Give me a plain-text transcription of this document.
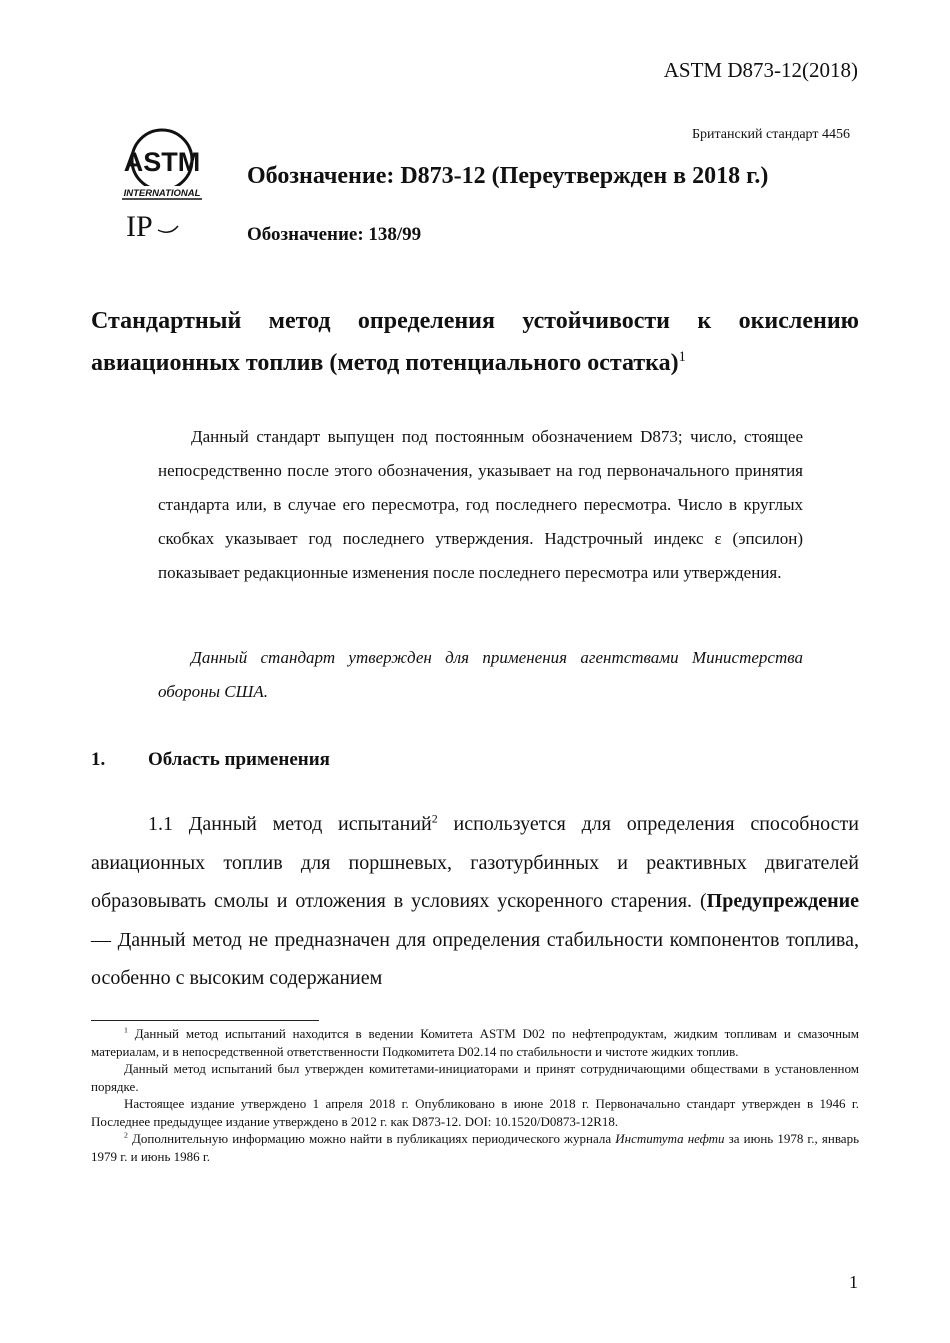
ASTM D873-12(2018)
Британский стандарт 4456
ASTM
INTERNATIONAL
IP
Обозначение: D873-12 (Переутвержден в 2018 г.)
Обозначение: 138/99
Стандартный метод определения устойчивости к окислению
авиационных топлив (метод потенциального остатка)$^1$

Данный стандарт выпущен под постоянным обозначением D873; число, стоящее непосредственно после этого обозначения, указывает на год первоначального принятия стандарта или, в случае его пересмотра, год последнего пересмотра. Число в круглых скобках указывает год последнего утверждения. Надстрочный индекс ε (эпсилон) показывает редакционные изменения после последнего пересмотра или утверждения.

Данный стандарт утвержден для применения агентствами Министерства обороны США.

1. Область применения

1.1 Данный метод испытаний$^2$ используется для определения способности авиационных топлив для поршневых, газотурбинных и реактивных двигателей образовывать смолы и отложения в условиях ускоренного старения. (Предупреждение — Данный метод не предназначен для определения стабильности компонентов топлива, особенно с высоким содержанием

$^1$ Данный метод испытаний находится в ведении Комитета ASTM D02 по нефтепродуктам, жидким топливам и смазочным материалам, и в непосредственной ответственности Подкомитета D02.14 по стабильности и чистоте жидких топлив.

Данный метод испытаний был утвержден комитетами-инициаторами и принят сотрудничающими обществами в установленном порядке.

Настоящее издание утверждено 1 апреля 2018 г. Опубликовано в июне 2018 г. Первоначально стандарт утвержден в 1946 г. Последнее предыдущее издание утверждено в 2012 г. как D873-12. DOI: 10.1520/D0873-12R18.

$^2$ Дополнительную информацию можно найти в публикациях периодического журнала Института нефти за июнь 1978 г., январь 1979 г. и июнь 1986 г.

1
